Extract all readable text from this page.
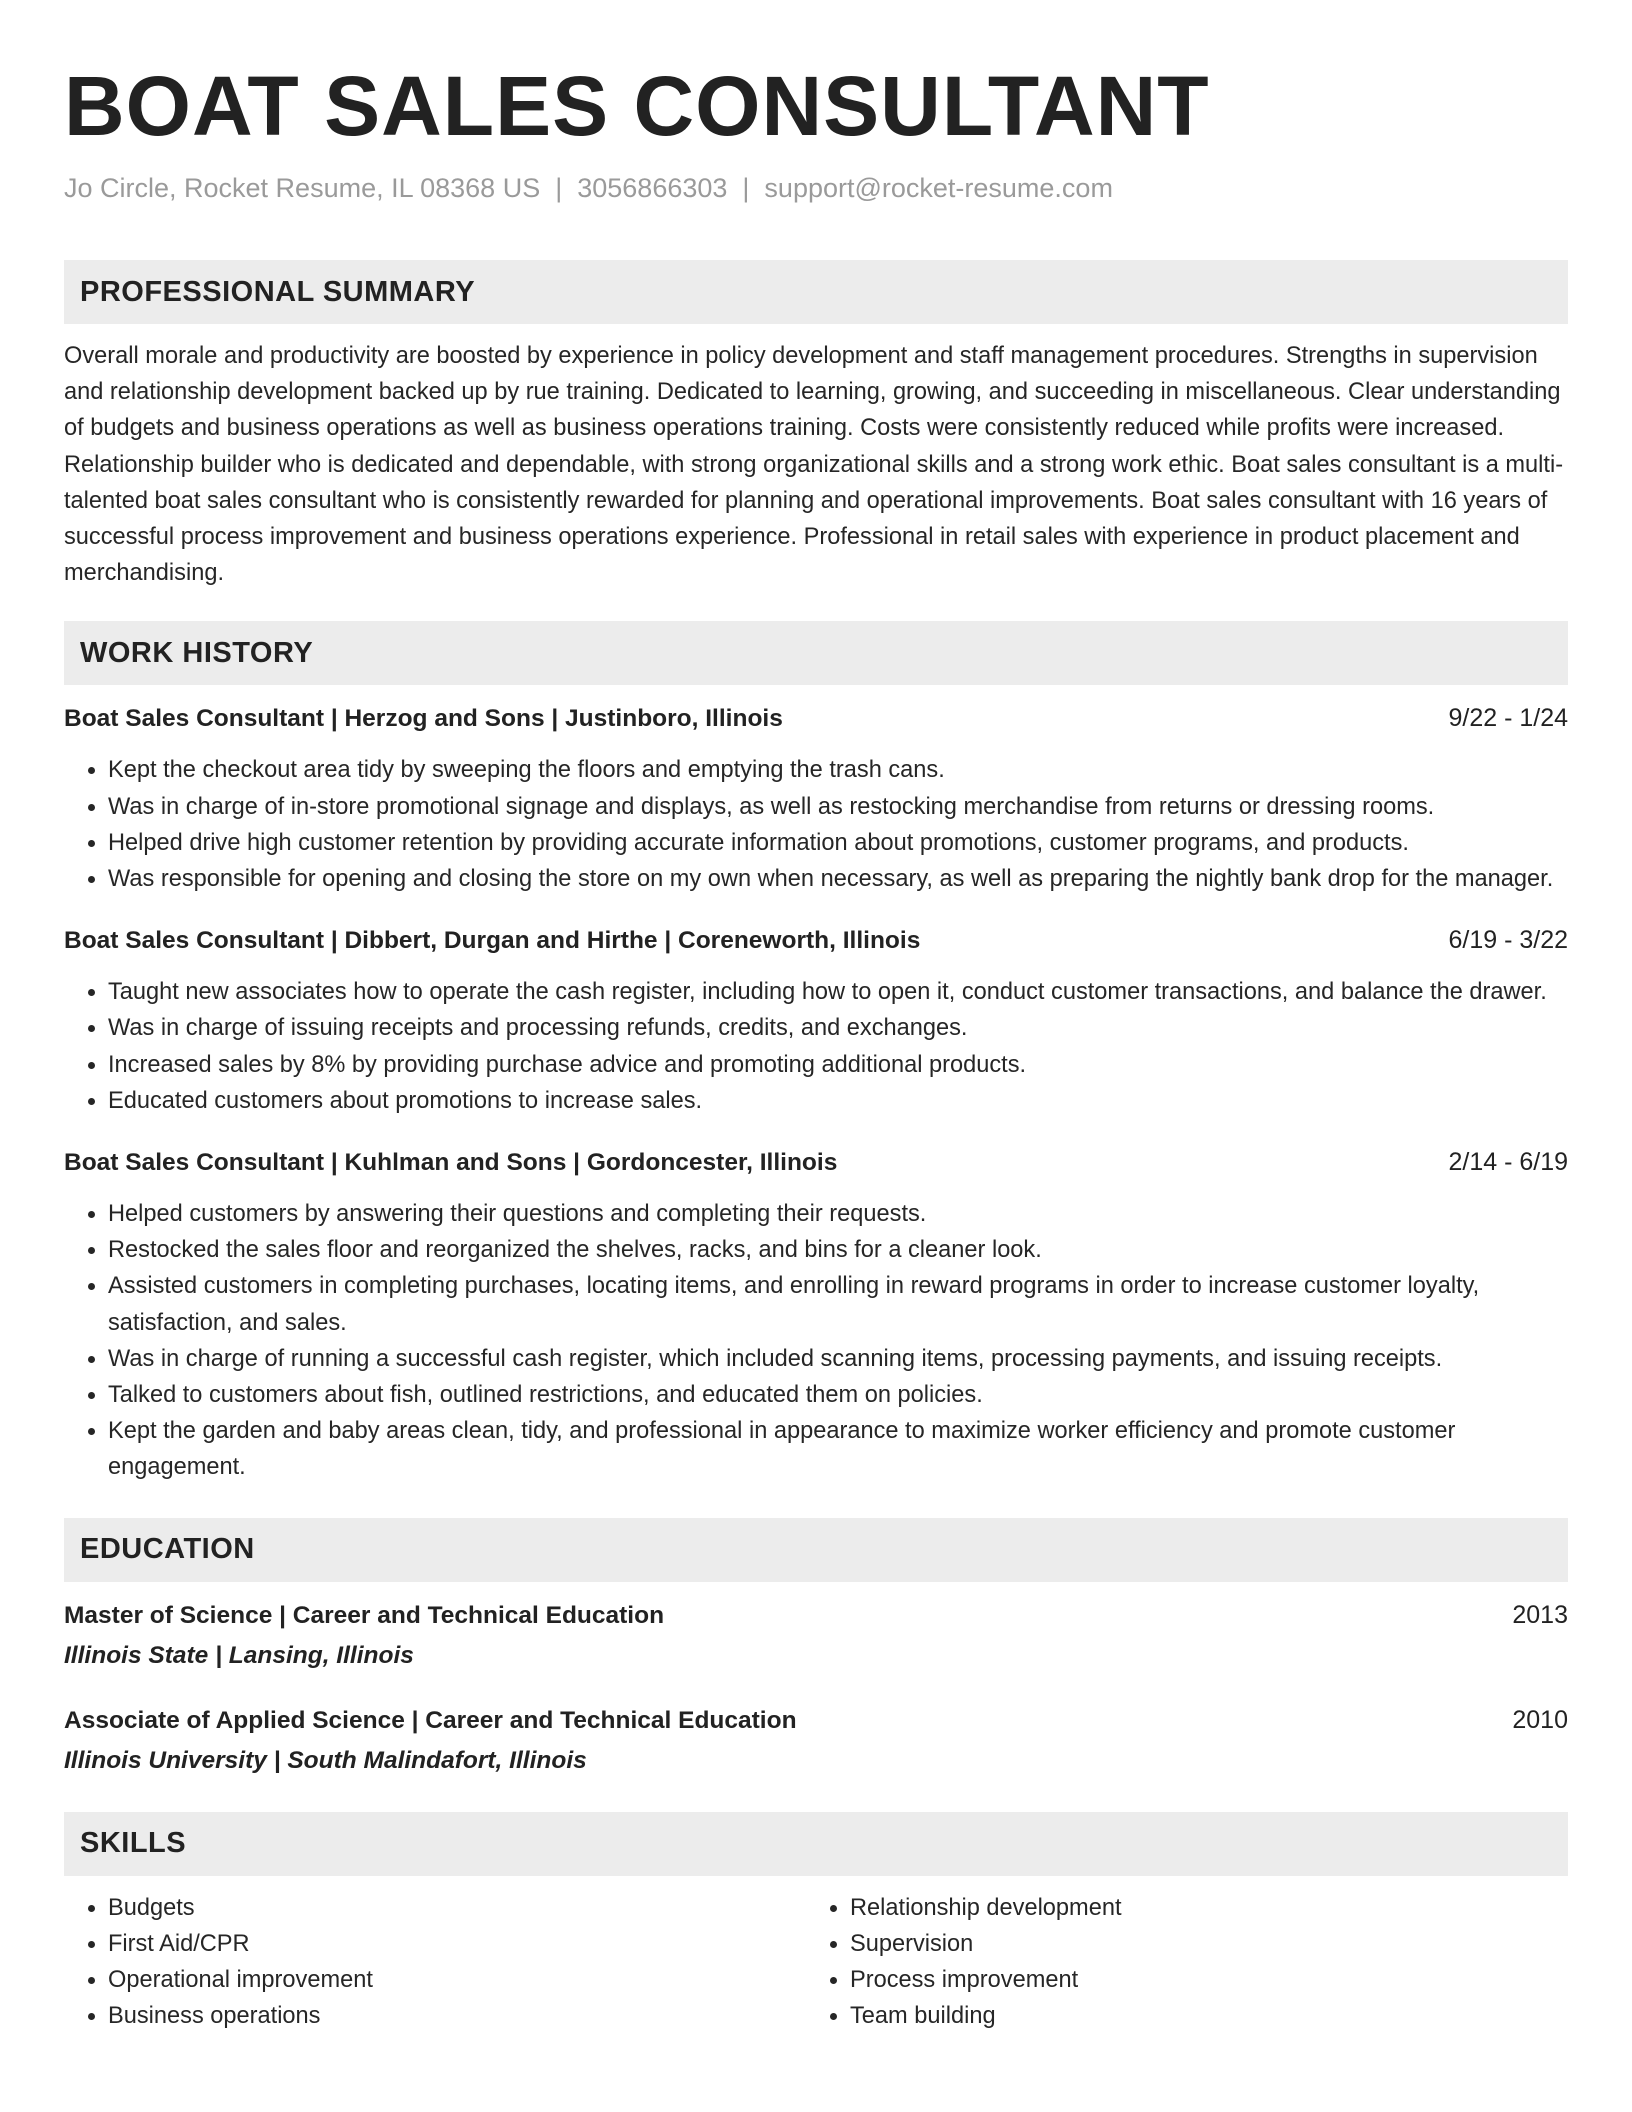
BOAT SALES CONSULTANT
Jo Circle, Rocket Resume, IL 08368 US | 3056866303 | support@rocket-resume.com
PROFESSIONAL SUMMARY

Overall morale and productivity are boosted by experience in policy development and staff management procedures. Strengths in supervision and relationship development backed up by rue training. Dedicated to learning, growing, and succeeding in miscellaneous. Clear understanding of budgets and business operations as well as business operations training. Costs were consistently reduced while profits were increased. Relationship builder who is dedicated and dependable, with strong organizational skills and a strong work ethic. Boat sales consultant is a multi-talented boat sales consultant who is consistently rewarded for planning and operational improvements. Boat sales consultant with 16 years of successful process improvement and business operations experience. Professional in retail sales with experience in product placement and merchandising.

WORK HISTORY
Boat Sales Consultant | Herzog and Sons | Justinboro, Illinois	9/22 - 1/24
• Kept the checkout area tidy by sweeping the floors and emptying the trash cans.
• Was in charge of in-store promotional signage and displays, as well as restocking merchandise from returns or dressing rooms.
• Helped drive high customer retention by providing accurate information about promotions, customer programs, and products.
• Was responsible for opening and closing the store on my own when necessary, as well as preparing the nightly bank drop for the manager.
Boat Sales Consultant | Dibbert, Durgan and Hirthe | Coreneworth, Illinois	6/19 - 3/22
• Taught new associates how to operate the cash register, including how to open it, conduct customer transactions, and balance the drawer.
• Was in charge of issuing receipts and processing refunds, credits, and exchanges.
• Increased sales by 8% by providing purchase advice and promoting additional products.
• Educated customers about promotions to increase sales.
Boat Sales Consultant | Kuhlman and Sons | Gordoncester, Illinois	2/14 - 6/19
• Helped customers by answering their questions and completing their requests.
• Restocked the sales floor and reorganized the shelves, racks, and bins for a cleaner look.
• Assisted customers in completing purchases, locating items, and enrolling in reward programs in order to increase customer loyalty, satisfaction, and sales.
• Was in charge of running a successful cash register, which included scanning items, processing payments, and issuing receipts.
• Talked to customers about fish, outlined restrictions, and educated them on policies.
• Kept the garden and baby areas clean, tidy, and professional in appearance to maximize worker efficiency and promote customer engagement.
EDUCATION
Master of Science | Career and Technical Education	2013
Illinois State | Lansing, Illinois
Associate of Applied Science | Career and Technical Education	2010
Illinois University | South Malindafort, Illinois
SKILLS
• Budgets
• First Aid/CPR
• Operational improvement
• Business operations
• Relationship development
• Supervision
• Process improvement
• Team building
